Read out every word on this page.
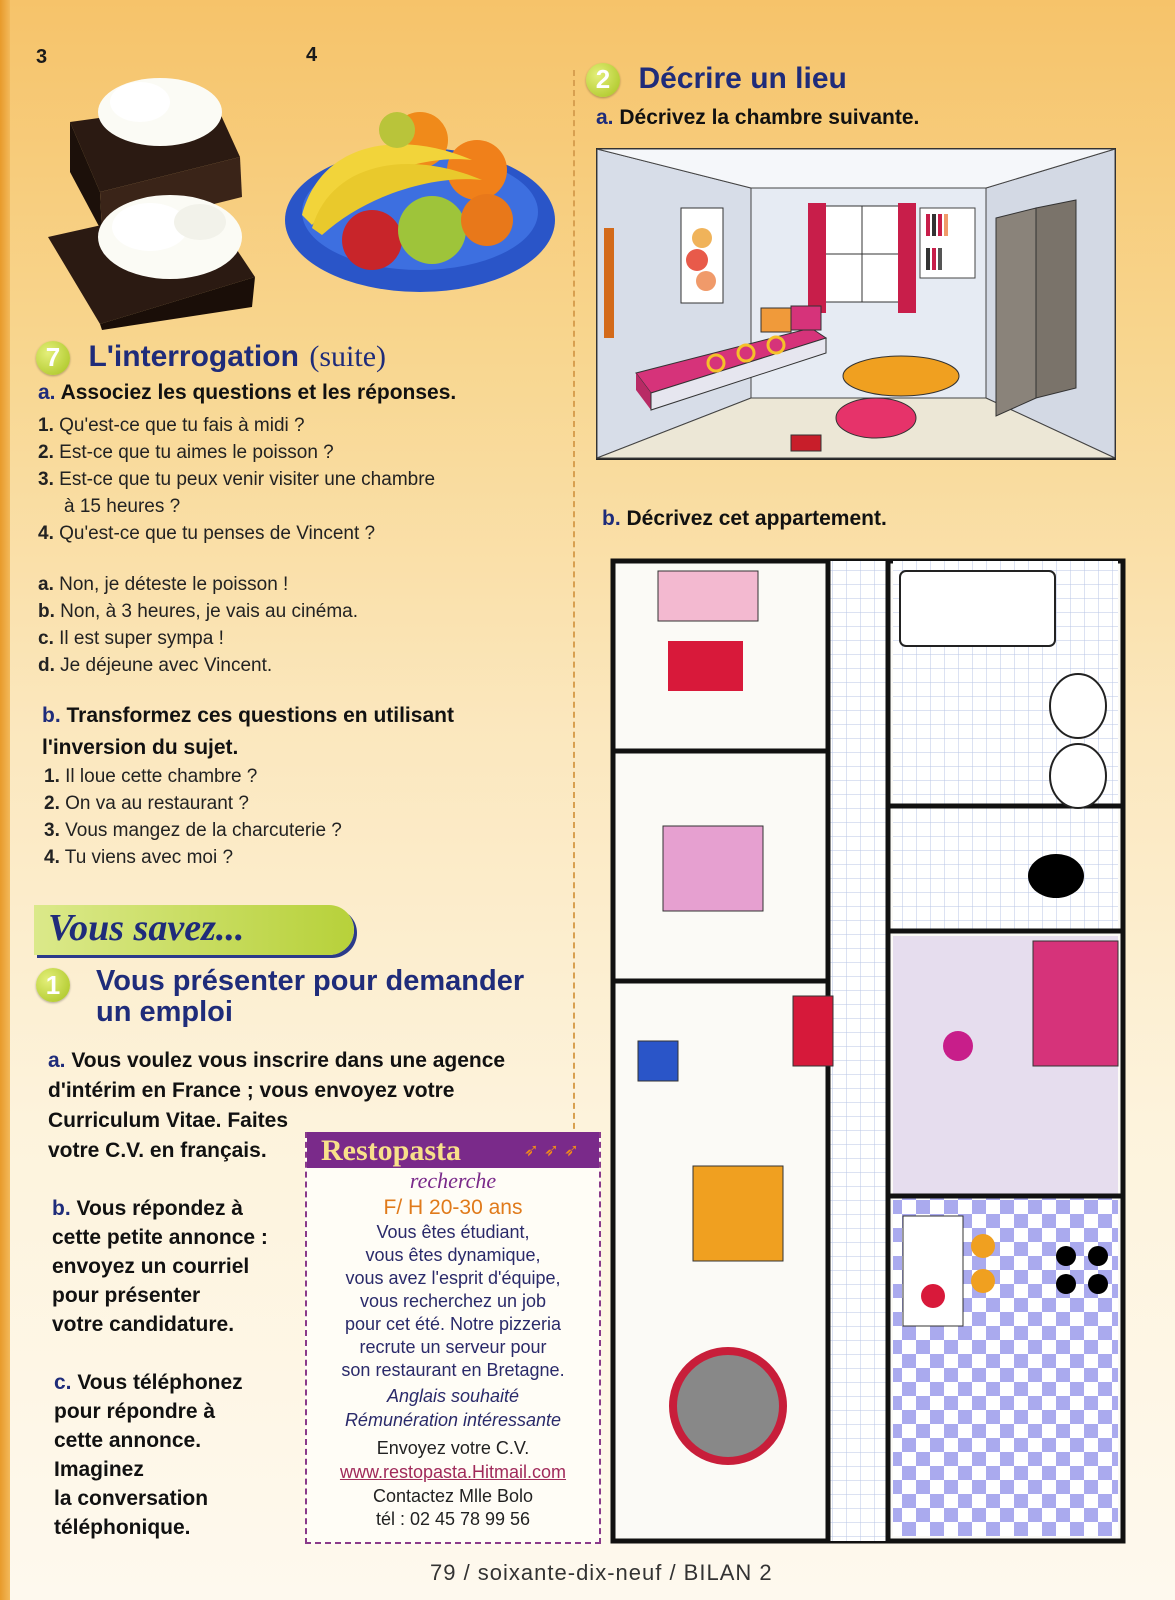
3	4
7 L'interrogation (suite)
a. Associez les questions et les réponses.
1. Qu'est-ce que tu fais à midi ?
2. Est-ce que tu aimes le poisson ?
3. Est-ce que tu peux venir visiter une chambre
à 15 heures ?
4. Qu'est-ce que tu penses de Vincent ?
a. Non, je déteste le poisson !
b. Non, à 3 heures, je vais au cinéma.
c. Il est super sympa !
d. Je déjeune avec Vincent.
b. Transformez ces questions en utilisant
l'inversion du sujet.
1. Il loue cette chambre ?
2. On va au restaurant ?
3. Vous mangez de la charcuterie ?
4. Tu viens avec moi ?
Vous savez...
1	Vous présenter pour demander
un emploi
a. Vous voulez vous inscrire dans une agence
d'intérim en France ; vous envoyez votre
Curriculum Vitae. Faites
votre C.V. en français.
b. Vous répondez à
cette petite annonce :
envoyez un courriel
pour présenter
votre candidature.
c. Vous téléphonez
pour répondre à
cette annonce.
Imaginez
la conversation
téléphonique.
Restopasta	➶ ➶ ➶
recherche
F/ H 20-30 ans
Vous êtes étudiant,
vous êtes dynamique,
vous avez l'esprit d'équipe,
vous recherchez un job
pour cet été. Notre pizzeria
recrute un serveur pour
son restaurant en Bretagne.
Anglais souhaité
Rémunération intéressante
Envoyez votre C.V.
www.restopasta.Hitmail.com
Contactez Mlle Bolo
tél : 02 45 78 99 56
2 Décrire un lieu
a. Décrivez la chambre suivante.
b. Décrivez cet appartement.
79 / soixante-dix-neuf / BILAN 2
